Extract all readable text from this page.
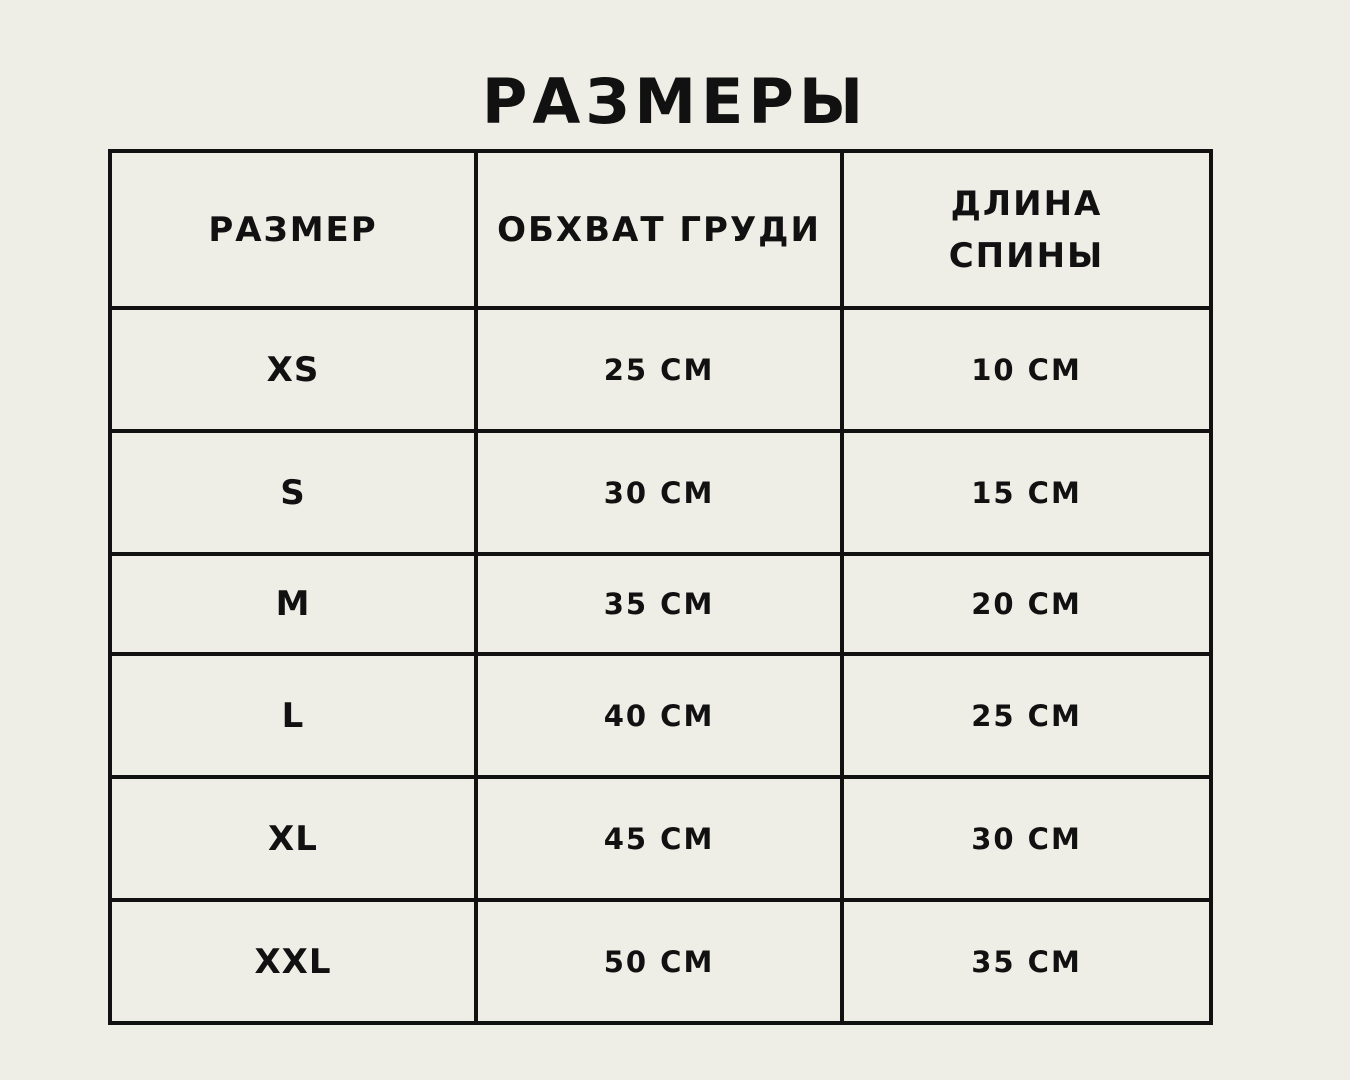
РАЗМЕРЫ
РАЗМЕР	ОБХВАТ ГРУДИ	ДЛИНА
СПИНЫ

XS	25 СМ	10 СМ
S	30 СМ	15 СМ
M	35 СМ	20 СМ
L	40 СМ	25 СМ
XL	45 СМ	30 СМ
XXL	50 СМ	35 СМ
